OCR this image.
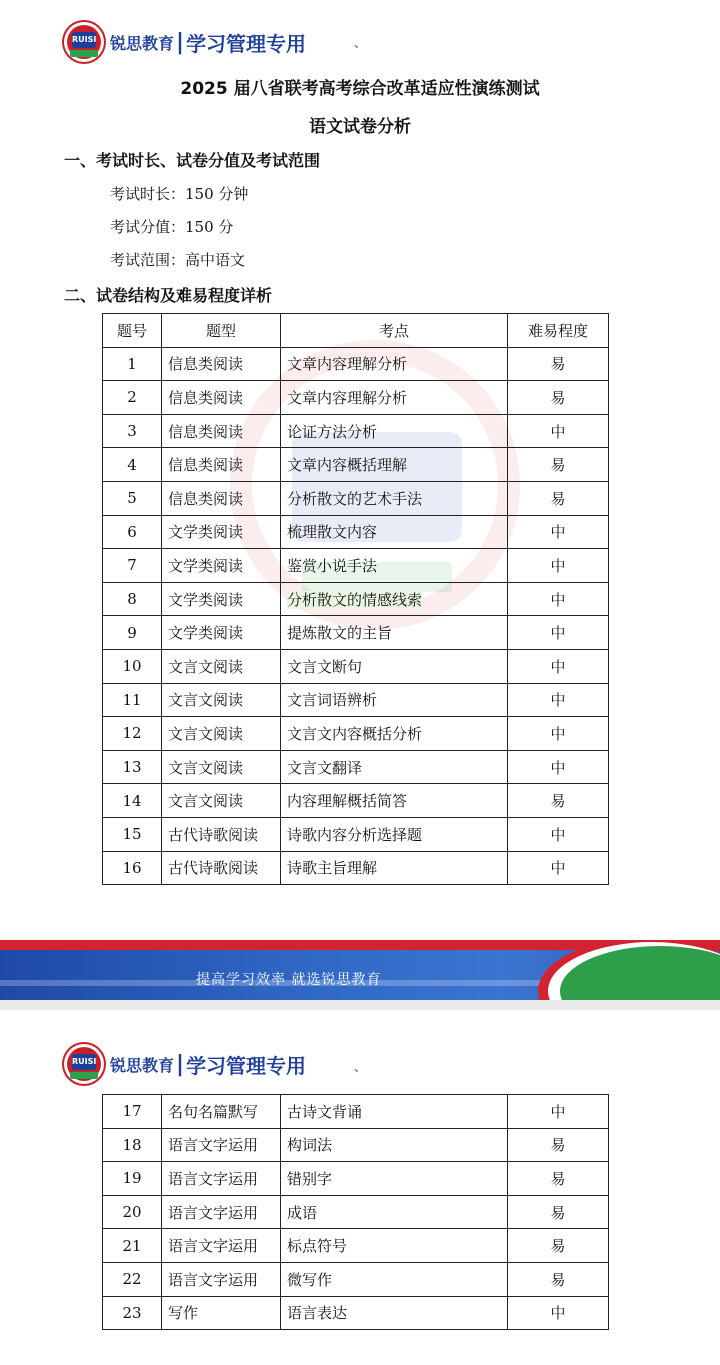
RUISI 锐思教育 | 学习管理专用	、
2025 届八省联考高考综合改革适应性演练测试
语文试卷分析
一、考试时长、试卷分值及考试范围
考试时长：150 分钟
考试分值：150 分
考试范围：高中语文
二、试卷结构及难易程度详析
题号	题型	考点	难易程度
1	信息类阅读	文章内容理解分析	易
2	信息类阅读	文章内容理解分析	易
3	信息类阅读	论证方法分析	中
4	信息类阅读	文章内容概括理解	易
5	信息类阅读	分析散文的艺术手法	易
6	文学类阅读	梳理散文内容	中
7	文学类阅读	鉴赏小说手法	中
8	文学类阅读	分析散文的情感线索	中
9	文学类阅读	提炼散文的主旨	中
10	文言文阅读	文言文断句	中
11	文言文阅读	文言词语辨析	中
12	文言文阅读	文言文内容概括分析	中
13	文言文阅读	文言文翻译	中
14	文言文阅读	内容理解概括简答	易
15	古代诗歌阅读	诗歌内容分析选择题	中
16	古代诗歌阅读	诗歌主旨理解	中
提高学习效率 就选锐思教育
RUISI 锐思教育 | 学习管理专用	、
17	名句名篇默写	古诗文背诵	中
18	语言文字运用	构词法	易
19	语言文字运用	错别字	易
20	语言文字运用	成语	易
21	语言文字运用	标点符号	易
22	语言文字运用	微写作	易
23	写作	语言表达	中
